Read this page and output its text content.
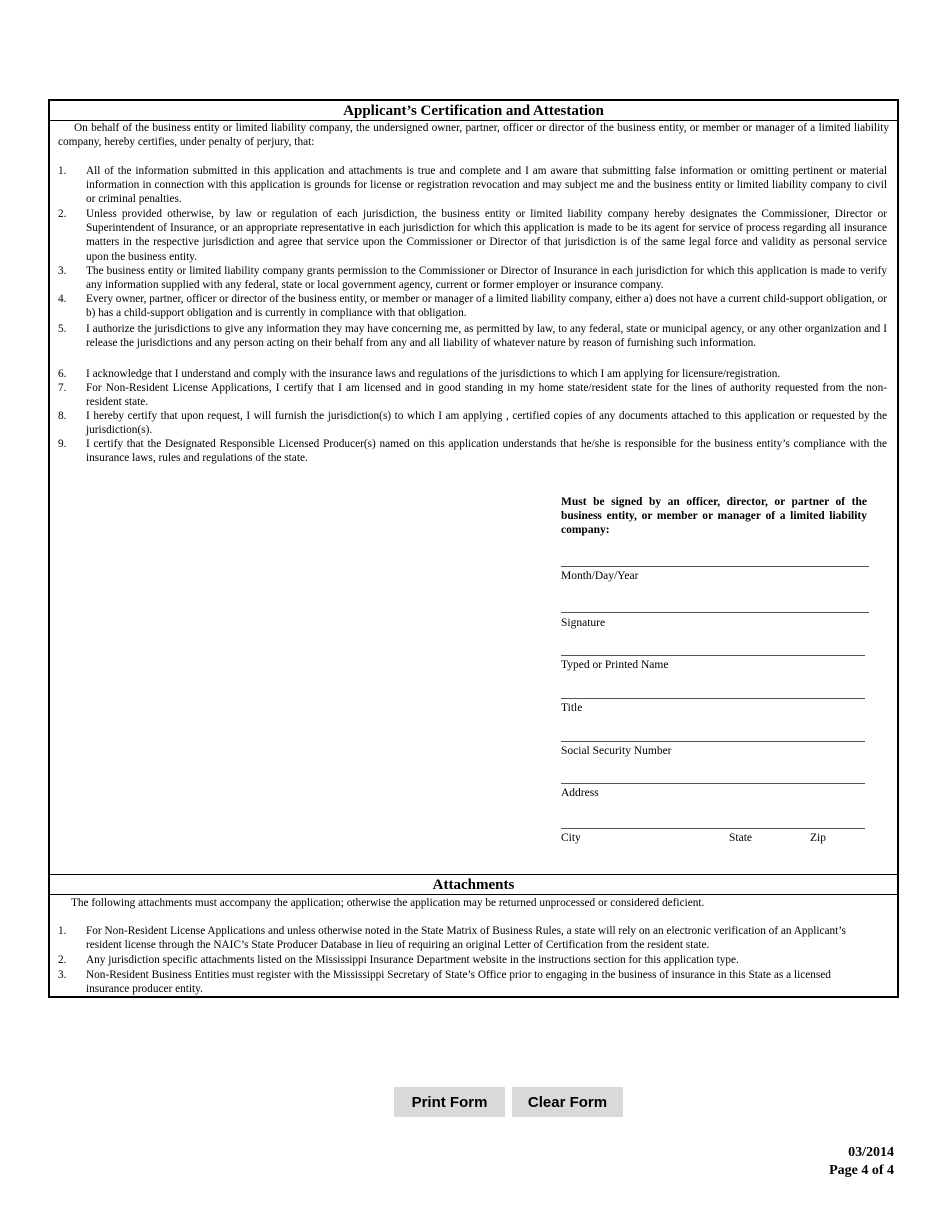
Applicant’s Certification and Attestation
On behalf of the business entity or limited liability company, the undersigned owner, partner, officer or director of the business entity, or member or manager of a limited liability company, hereby certifies, under penalty of perjury, that:
1.	All of the information submitted in this application and attachments is true and complete and I am aware that submitting false information or omitting pertinent or material information in connection with this application is grounds for license or registration revocation and may subject me and the business entity or limited liability company to civil or criminal penalties.
2.	Unless provided otherwise, by law or regulation of each jurisdiction, the business entity or limited liability company hereby designates the Commissioner, Director or Superintendent of Insurance, or an appropriate representative in each jurisdiction for which this application is made to be its agent for service of process regarding all insurance matters in the respective jurisdiction and agree that service upon the Commissioner or Director of that jurisdiction is of the same legal force and validity as personal service upon the business entity.
3.	The business entity or limited liability company grants permission to the Commissioner or Director of Insurance in each jurisdiction for which this application is made to verify any information supplied with any federal, state or local government agency, current or former employer or insurance company.
4.	Every owner, partner, officer or director of the business entity, or member or manager of a limited liability company, either a) does not have a current child-support obligation, or b) has a child-support obligation and is currently in compliance with that obligation.
5.	I authorize the jurisdictions to give any information they may have concerning me, as permitted by law, to any federal, state or municipal agency, or any other organization and I release the jurisdictions and any person acting on their behalf from any and all liability of whatever nature by reason of furnishing such information.
6.	I acknowledge that I understand and comply with the insurance laws and regulations of the jurisdictions to which I am applying for licensure/registration.
7.	For Non-Resident License Applications, I certify that I am licensed and in good standing in my home state/resident state for the lines of authority requested from the non-resident state.
8.	I hereby certify that upon request, I will furnish the jurisdiction(s) to which I am applying , certified copies of any documents attached to this application or requested by the jurisdiction(s).
9.	I certify that the Designated Responsible Licensed Producer(s) named on this application understands that he/she is responsible for the business entity’s compliance with the insurance laws, rules and regulations of the state.
Must be signed by an officer, director, or partner of the business entity, or member or manager of a limited liability company:
Month/Day/Year
Signature
Typed or Printed Name
Title
Social Security Number
Address
City	State	Zip
Attachments
The following attachments must accompany the application; otherwise the application may be returned unprocessed or considered deficient.
1.	For Non-Resident License Applications and unless otherwise noted in the State Matrix of Business Rules, a state will rely on an electronic verification of an Applicant’s resident license through the NAIC’s State Producer Database in lieu of requiring an original Letter of Certification from the resident state.
2.	Any jurisdiction specific attachments listed on the Mississippi Insurance Department website in the instructions section for this application type.
3.	Non-Resident Business Entities must register with the Mississippi Secretary of State’s Office prior to engaging in the business of insurance in this State as a licensed insurance producer entity.
Print Form	Clear Form
03/2014
Page 4 of 4
